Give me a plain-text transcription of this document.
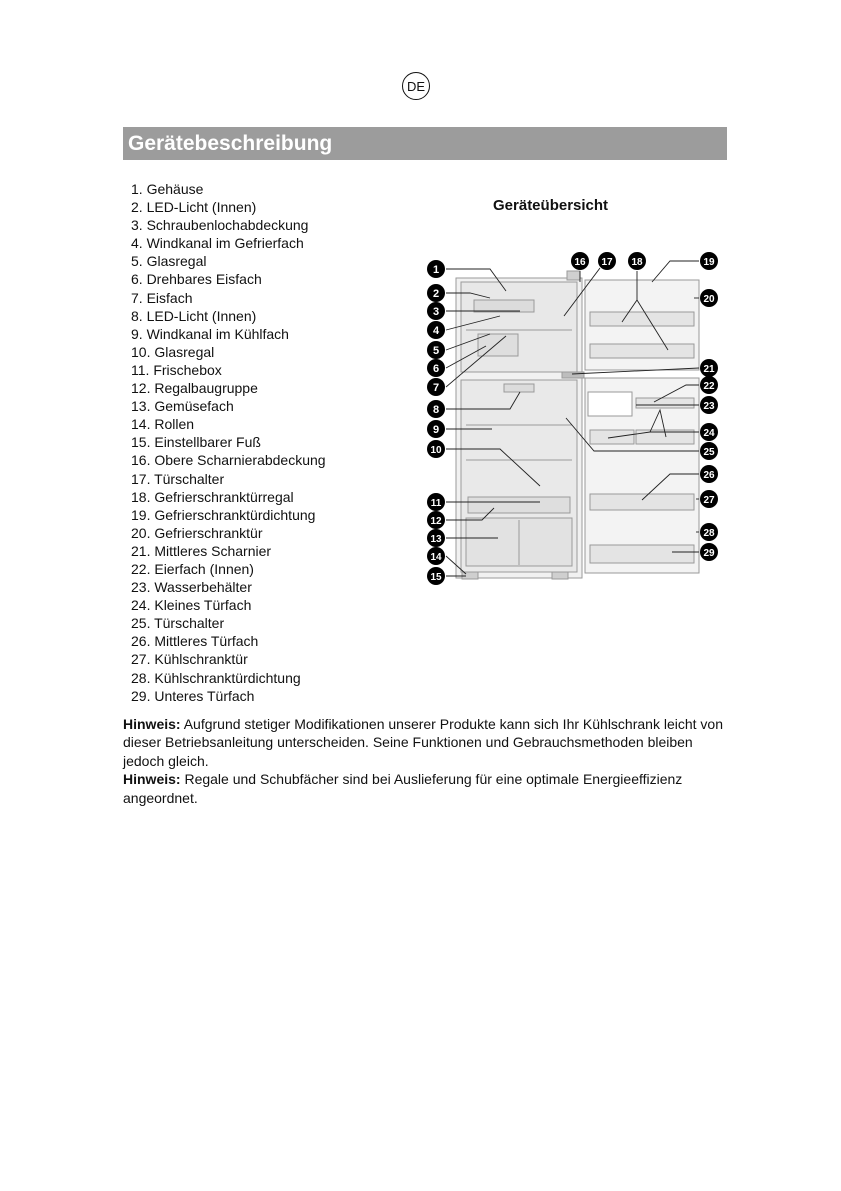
DE
Gerätebeschreibung
1. Gehäuse
2. LED-Licht (Innen)
3. Schraubenlochabdeckung
4. Windkanal im Gefrierfach
5. Glasregal
6. Drehbares Eisfach
7. Eisfach
8. LED-Licht (Innen)
9. Windkanal im Kühlfach
10. Glasregal
11. Frischebox
12. Regalbaugruppe
13. Gemüsefach
14. Rollen
15. Einstellbarer Fuß
16. Obere Scharnierabdeckung
17. Türschalter
18. Gefrierschranktürregal
19. Gefrierschranktürdichtung
20. Gefrierschranktür
21. Mittleres Scharnier
22. Eierfach (Innen)
23. Wasserbehälter
24. Kleines Türfach
25. Türschalter
26. Mittleres Türfach
27. Kühlschranktür
28. Kühlschranktürdichtung
29. Unteres Türfach
Geräteübersicht
1
2
3
4
5
6
7
8
9
10
11
12
13
14
15
16 17 18	19
20
21
22
23
24
25
26
27
28
29

Hinweis: Aufgrund stetiger Modifikationen unserer Produkte kann sich Ihr Kühlschrank leicht von dieser Betriebsanleitung unterscheiden. Seine Funktionen und Gebrauchsmethoden bleiben jedoch gleich.

Hinweis: Regale und Schubfächer sind bei Auslieferung für eine optimale Energieeffizienz angeordnet.
